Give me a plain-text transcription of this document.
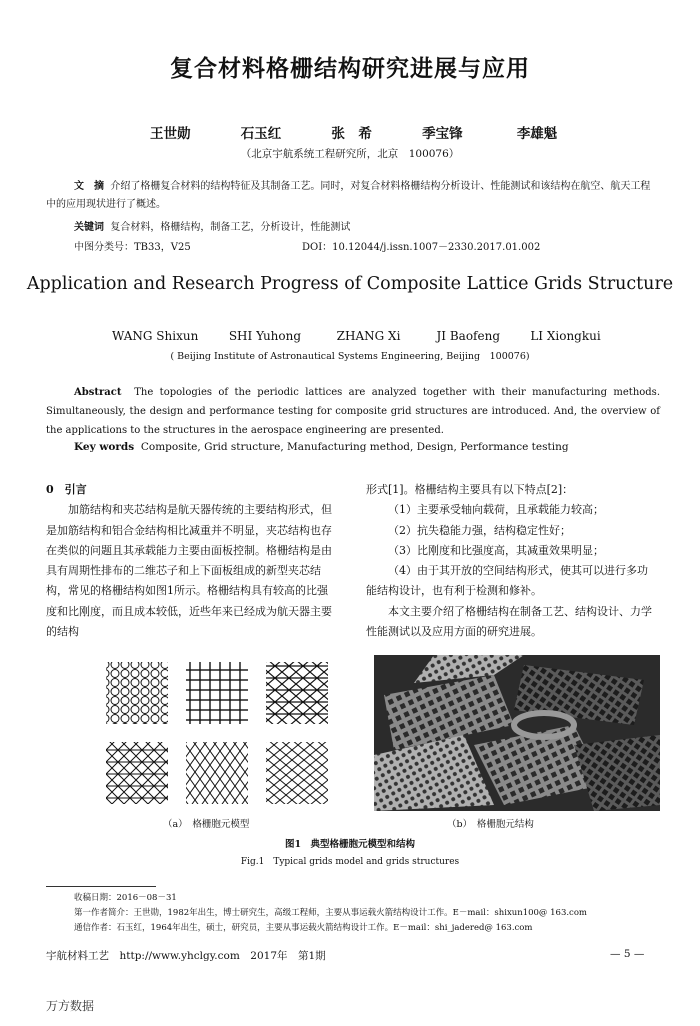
复合材料格栅结构研究进展与应用
王世勋	石玉红	张　希	季宝锋	李雄魁
（北京宇航系统工程研究所，北京　100076）
文　摘 介绍了格栅复合材料的结构特征及其制备工艺。同时，对复合材料格栅结构分析设计、性能测试和该结构在航空、航天工程中的应用现状进行了概述。
关键词 复合材料，格栅结构，制备工艺，分析设计，性能测试
中图分类号：TB33，V25	DOI：10.12044/j.issn.1007－2330.2017.01.002
Application and Research Progress of Composite Lattice Grids Structure
WANG Shixun	SHI Yuhong	ZHANG Xi	JI Baofeng	LI Xiongkui
( Beijing Institute of Astronautical Systems Engineering, Beijing　100076)
Abstract The topologies of the periodic lattices are analyzed together with their manufacturing methods. Simultaneously, the design and performance testing for composite grid structures are introduced. And, the overview of the applications to the structures in the aerospace engineering are presented.
Key words Composite, Grid structure, Manufacturing method, Design, Performance testing

0　引言

加筋结构和夹芯结构是航天器传统的主要结构形式，但是加筋结构和铝合金结构相比减重并不明显，夹芯结构也存在类似的问题且其承载能力主要由面板控制。格栅结构是由具有周期性排布的二维芯子和上下面板组成的新型夹芯结构，常见的格栅结构如图1所示。格栅结构具有较高的比强度和比刚度，而且成本较低，近些年来已经成为航天器主要的结构

形式[1]。格栅结构主要具有以下特点[2]：

（1）主要承受轴向载荷，且承载能力较高；

（2）抗失稳能力强，结构稳定性好；

（3）比刚度和比强度高，其减重效果明显；

（4）由于其开放的空间结构形式，使其可以进行多功能结构设计，也有利于检测和修补。

本文主要介绍了格栅结构在制备工艺、结构设计、力学性能测试以及应用方面的研究进展。

（a）　格栅胞元模型	（b）　格栅胞元结构
图1　典型格栅胞元模型和结构
Fig.1　Typical grids model and grids structures
收稿日期：2016－08－31
第一作者简介：王世勋，1982年出生，博士研究生，高级工程师，主要从事运载火箭结构设计工作。E－mail：shixun100@ 163.com
通信作者：石玉红，1964年出生，硕士，研究员，主要从事运载火箭结构设计工作。E－mail：shi_jadered@ 163.com
宇航材料工艺　http://www.yhclgy.com　2017年　第1期	— 5 —
万方数据
